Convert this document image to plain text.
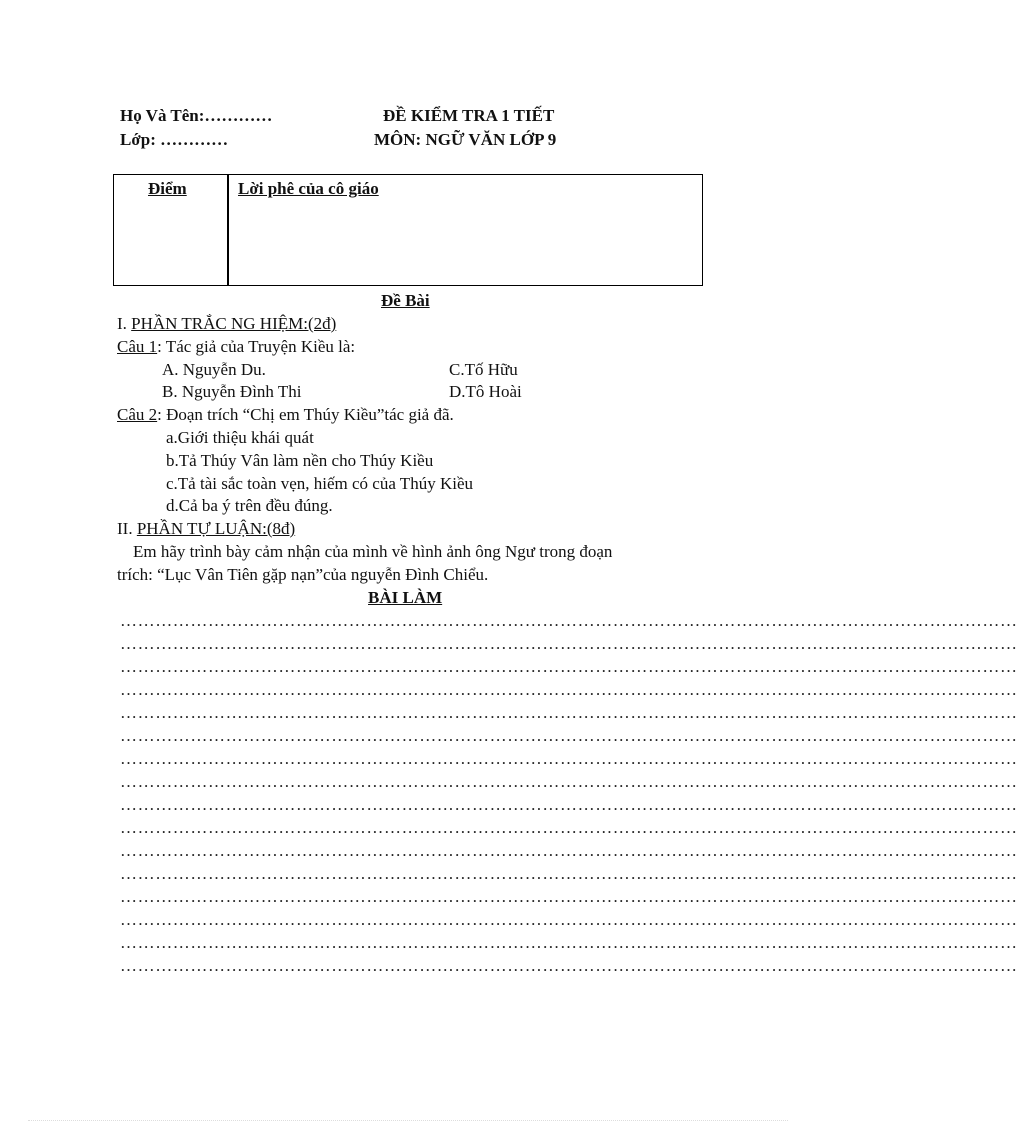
Họ Và Tên:…………
Lớp: …………
ĐỀ KIỂM TRA 1 TIẾT
MÔN: NGỮ VĂN LỚP 9
Điểm	Lời phê của cô giáo
Đề Bài
I. PHẦN TRẮC NG HIỆM:(2đ)
Câu 1: Tác giả của Truyện Kiều là:
A. Nguyễn Du.	C.Tố Hữu
B. Nguyễn Đình Thi	D.Tô Hoài
Câu 2: Đoạn trích “Chị em Thúy Kiều”tác giả đã.
a.Giới thiệu khái quát
b.Tả Thúy Vân làm nền cho Thúy Kiều
c.Tả tài sắc toàn vẹn, hiếm có của Thúy Kiều
d.Cả ba ý trên đều đúng.
II. PHẦN TỰ LUẬN:(8đ)
Em hãy trình bày cảm nhận của mình về hình ảnh ông Ngư trong đoạn
trích: “Lục Vân Tiên gặp nạn”của nguyễn Đình Chiểu.
BÀI LÀM
………………………………………………………………………………………………………………………………………
………………………………………………………………………………………………………………………………………
………………………………………………………………………………………………………………………………………
………………………………………………………………………………………………………………………………………
………………………………………………………………………………………………………………………………………
………………………………………………………………………………………………………………………………………
………………………………………………………………………………………………………………………………………
………………………………………………………………………………………………………………………………………
………………………………………………………………………………………………………………………………………
………………………………………………………………………………………………………………………………………
………………………………………………………………………………………………………………………………………
………………………………………………………………………………………………………………………………………
………………………………………………………………………………………………………………………………………
………………………………………………………………………………………………………………………………………
………………………………………………………………………………………………………………………………………
………………………………………………………………………………………………………………………………………
